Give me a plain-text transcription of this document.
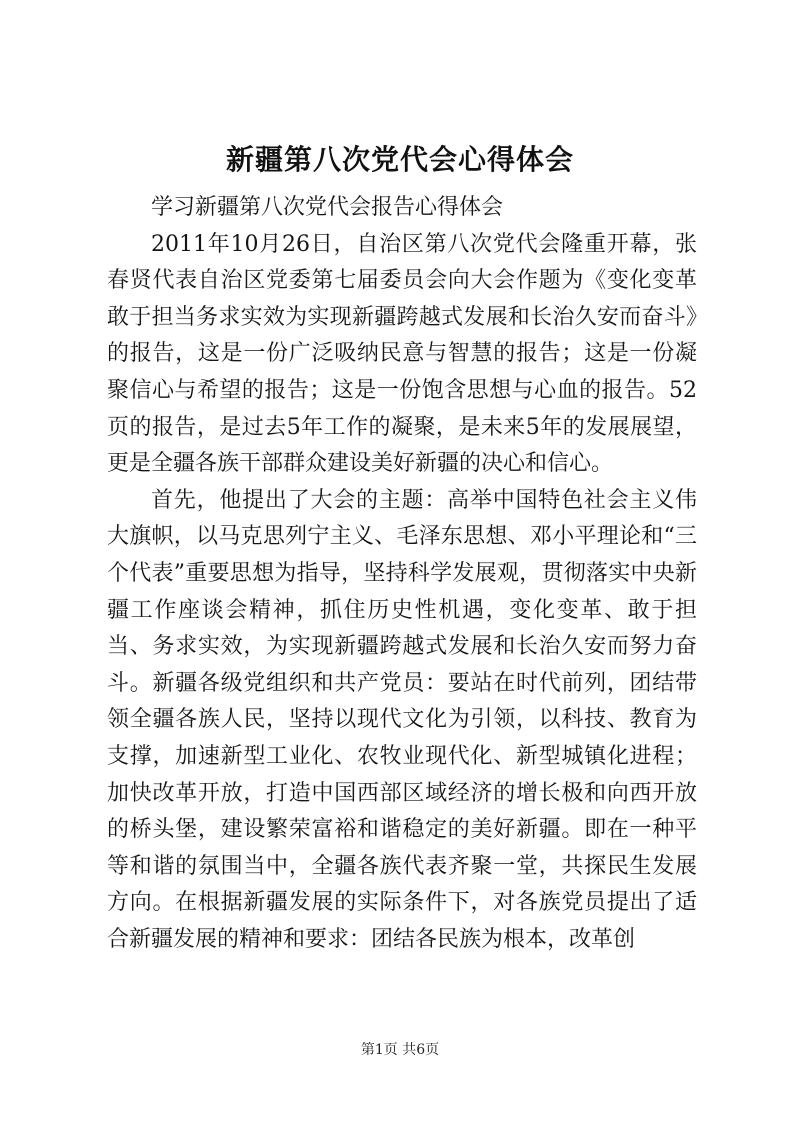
新疆第八次党代会心得体会

学习新疆第八次党代会报告心得体会

2011年10月26日，自治区第八次党代会隆重开幕，张春贤代表自治区党委第七届委员会向大会作题为《变化变革敢于担当务求实效为实现新疆跨越式发展和长治久安而奋斗》的报告，这是一份广泛吸纳民意与智慧的报告；这是一份凝聚信心与希望的报告；这是一份饱含思想与心血的报告。52页的报告，是过去5年工作的凝聚，是未来5年的发展展望，更是全疆各族干部群众建设美好新疆的决心和信心。

首先，他提出了大会的主题：高举中国特色社会主义伟大旗帜，以马克思列宁主义、毛泽东思想、邓小平理论和“三个代表”重要思想为指导，坚持科学发展观，贯彻落实中央新疆工作座谈会精神，抓住历史性机遇，变化变革、敢于担当、务求实效，为实现新疆跨越式发展和长治久安而努力奋斗。新疆各级党组织和共产党员：要站在时代前列，团结带领全疆各族人民，坚持以现代文化为引领，以科技、教育为支撑，加速新型工业化、农牧业现代化、新型城镇化进程；加快改革开放，打造中国西部区域经济的增长极和向西开放的桥头堡，建设繁荣富裕和谐稳定的美好新疆。即在一种平等和谐的氛围当中，全疆各族代表齐聚一堂，共探民生发展方向。在根据新疆发展的实际条件下，对各族党员提出了适合新疆发展的精神和要求：团结各民族为根本，改革创

第1页 共6页
